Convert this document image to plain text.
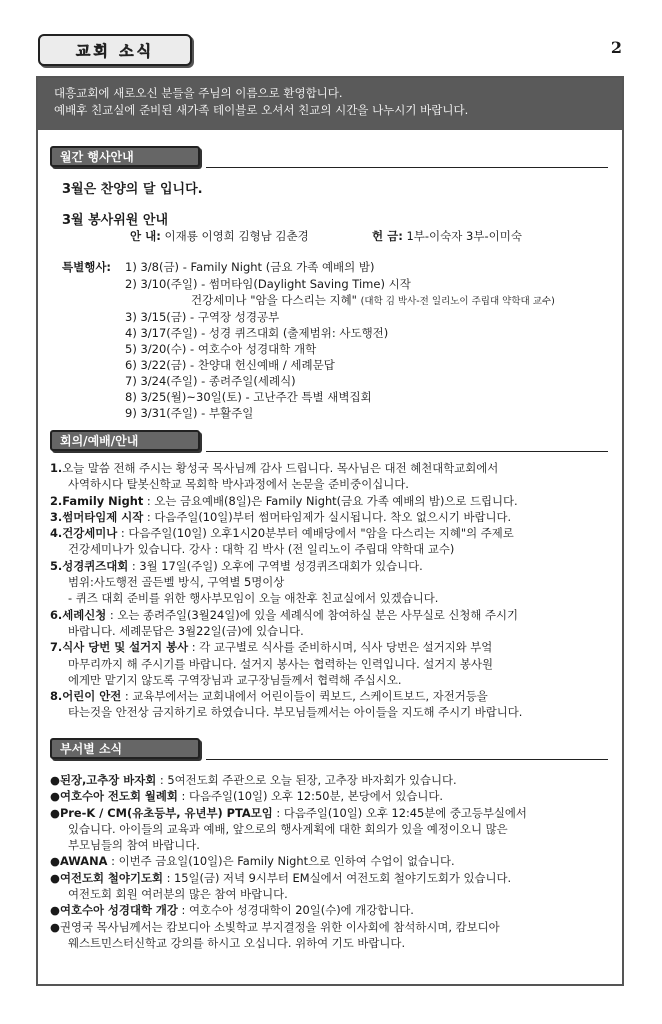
교회 소식	2
대흥교회에 새로오신 분들을 주님의 이름으로 환영합니다.
예배후 친교실에 준비된 새가족 테이블로 오셔서 친교의 시간을 나누시기 바랍니다.
월간 행사안내
3월은 찬양의 달 입니다.
3월 봉사위원 안내
안 내: 이재룡 이영희 김형남 김춘경	헌 금: 1부-이숙자 3부-이미숙
특별행사: 1) 3/8(금) - Family Night (금요 가족 예배의 밤)
2) 3/10(주일) - 썸머타임(Daylight Saving Time) 시작
건강세미나 "암을 다스리는 지혜" (대학 김 박사-전 일리노이 주립대 약학대 교수)
3) 3/15(금) - 구역장 성경공부
4) 3/17(주일) - 성경 퀴즈대회 (출제범위: 사도행전)
5) 3/20(수) - 여호수아 성경대학 개학
6) 3/22(금) - 찬양대 헌신예배 / 세례문답
7) 3/24(주일) - 종려주일(세례식)
8) 3/25(월)~30일(토) - 고난주간 특별 새벽집회
9) 3/31(주일) - 부활주일
회의/예배/안내
1.오늘 말씀 전해 주시는 황성국 목사님께 감사 드립니다. 목사님은 대전 혜천대학교회에서
사역하시다 탈봇신학교 목회학 박사과정에서 논문을 준비중이십니다.
2.Family Night : 오는 금요예배(8일)은 Family Night(금요 가족 예배의 밤)으로 드립니다.
3.썸머타임제 시작 : 다음주일(10일)부터 썸머타임제가 실시됩니다. 착오 없으시기 바랍니다.
4.건강세미나 : 다음주일(10일) 오후1시20분부터 예배당에서 "암을 다스리는 지혜"의 주제로
건강세미나가 있습니다. 강사 : 대학 김 박사 (전 일리노이 주립대 약학대 교수)
5.성경퀴즈대회 : 3월 17일(주일) 오후에 구역별 성경퀴즈대회가 있습니다.
범위:사도행전 골든벨 방식, 구역별 5명이상
- 퀴즈 대회 준비를 위한 행사부모임이 오늘 애찬후 친교실에서 있겠습니다.
6.세례신청 : 오는 종려주일(3월24일)에 있을 세례식에 참여하실 분은 사무실로 신청해 주시기
바랍니다. 세례문답은 3월22일(금)에 있습니다.
7.식사 당번 및 설거지 봉사 : 각 교구별로 식사를 준비하시며, 식사 당번은 설거지와 부엌
마무리까지 해 주시기를 바랍니다. 설거지 봉사는 협력하는 인력입니다. 설거지 봉사원
에게만 맡기지 않도록 구역장님과 교구장님들께서 협력해 주십시오.
8.어린이 안전 : 교육부에서는 교회내에서 어린이들이 퀵보드, 스케이트보드, 자전거등을
타는것을 안전상 금지하기로 하였습니다. 부모님들께서는 아이들을 지도해 주시기 바랍니다.
부서별 소식
●된장,고추장 바자회 : 5여전도회 주관으로 오늘 된장, 고추장 바자회가 있습니다.
●여호수아 전도회 월례회 : 다음주일(10일) 오후 12:50분, 본당에서 있습니다.
●Pre-K / CM(유초등부, 유년부) PTA모임 : 다음주일(10일) 오후 12:45분에 중고등부실에서
있습니다. 아이들의 교육과 예배, 앞으로의 행사계획에 대한 회의가 있을 예정이오니 많은
부모님들의 참여 바랍니다.
●AWANA : 이번주 금요일(10일)은 Family Night으로 인하여 수업이 없습니다.
●여전도회 철야기도회 : 15일(금) 저녁 9시부터 EM실에서 여전도회 철야기도회가 있습니다.
여전도회 회원 여러분의 많은 참여 바랍니다.
●여호수아 성경대학 개강 : 여호수아 성경대학이 20일(수)에 개강합니다.
●권영국 목사님께서는 캄보디아 소빛학교 부지결정을 위한 이사회에 참석하시며, 캄보디아
웨스트민스터신학교 강의를 하시고 오십니다. 위하여 기도 바랍니다.
